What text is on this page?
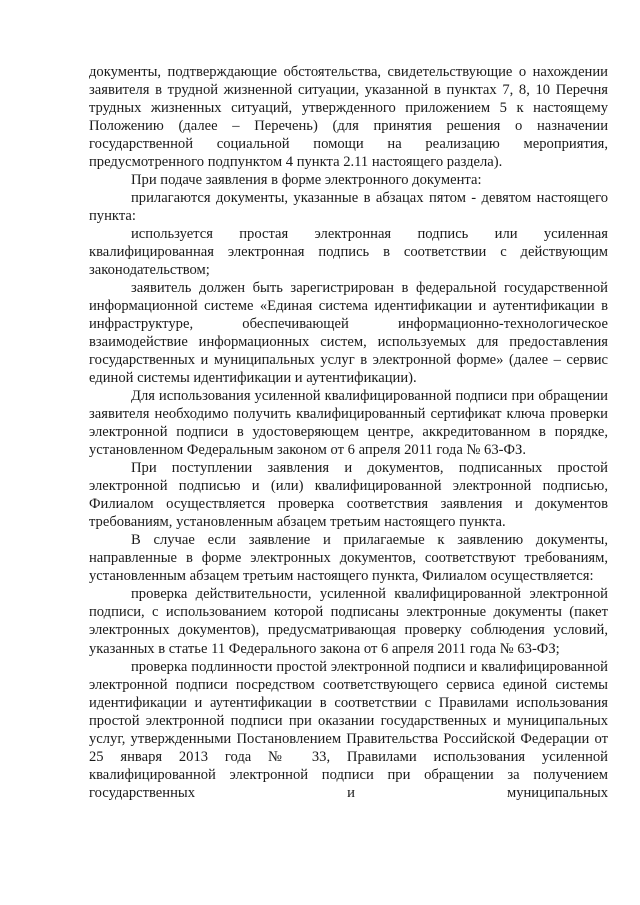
документы, подтверждающие обстоятельства, свидетельствующие о нахождении заявителя в трудной жизненной ситуации, указанной в пунктах 7, 8, 10 Перечня трудных жизненных ситуаций, утвержденного приложением 5 к настоящему Положению (далее – Перечень) (для принятия решения о назначении государственной социальной помощи на реализацию мероприятия, предусмотренного подпунктом 4 пункта 2.11 настоящего раздела).

При подаче заявления в форме электронного документа:

прилагаются документы, указанные в абзацах пятом - девятом настоящего пункта:

используется простая электронная подпись или усиленная квалифицированная электронная подпись в соответствии с действующим законодательством;

заявитель должен быть зарегистрирован в федеральной государственной информационной системе «Единая система идентификации и аутентификации в инфраструктуре, обеспечивающей информационно-технологическое взаимодействие информационных систем, используемых для предоставления государственных и муниципальных услуг в электронной форме» (далее – сервис единой системы идентификации и аутентификации).

Для использования усиленной квалифицированной подписи при обращении заявителя необходимо получить квалифицированный сертификат ключа проверки электронной подписи в удостоверяющем центре, аккредитованном в порядке, установленном Федеральным законом от 6 апреля 2011 года № 63-ФЗ.

При поступлении заявления и документов, подписанных простой электронной подписью и (или) квалифицированной электронной подписью, Филиалом осуществляется проверка соответствия заявления и документов требованиям, установленным абзацем третьим настоящего пункта.

В случае если заявление и прилагаемые к заявлению документы, направленные в форме электронных документов, соответствуют требованиям, установленным абзацем третьим настоящего пункта, Филиалом осуществляется:

проверка действительности, усиленной квалифицированной электронной подписи, с использованием которой подписаны электронные документы (пакет электронных документов), предусматривающая проверку соблюдения условий, указанных в статье 11 Федерального закона от 6 апреля 2011 года № 63-ФЗ;

проверка подлинности простой электронной подписи и квалифицированной электронной подписи посредством соответствующего сервиса единой системы идентификации и аутентификации в соответствии с Правилами использования простой электронной подписи при оказании государственных и муниципальных услуг, утвержденными Постановлением Правительства Российской Федерации от 25 января 2013 года № 33, Правилами использования усиленной квалифицированной электронной подписи при обращении за получением государственных и муниципальных
